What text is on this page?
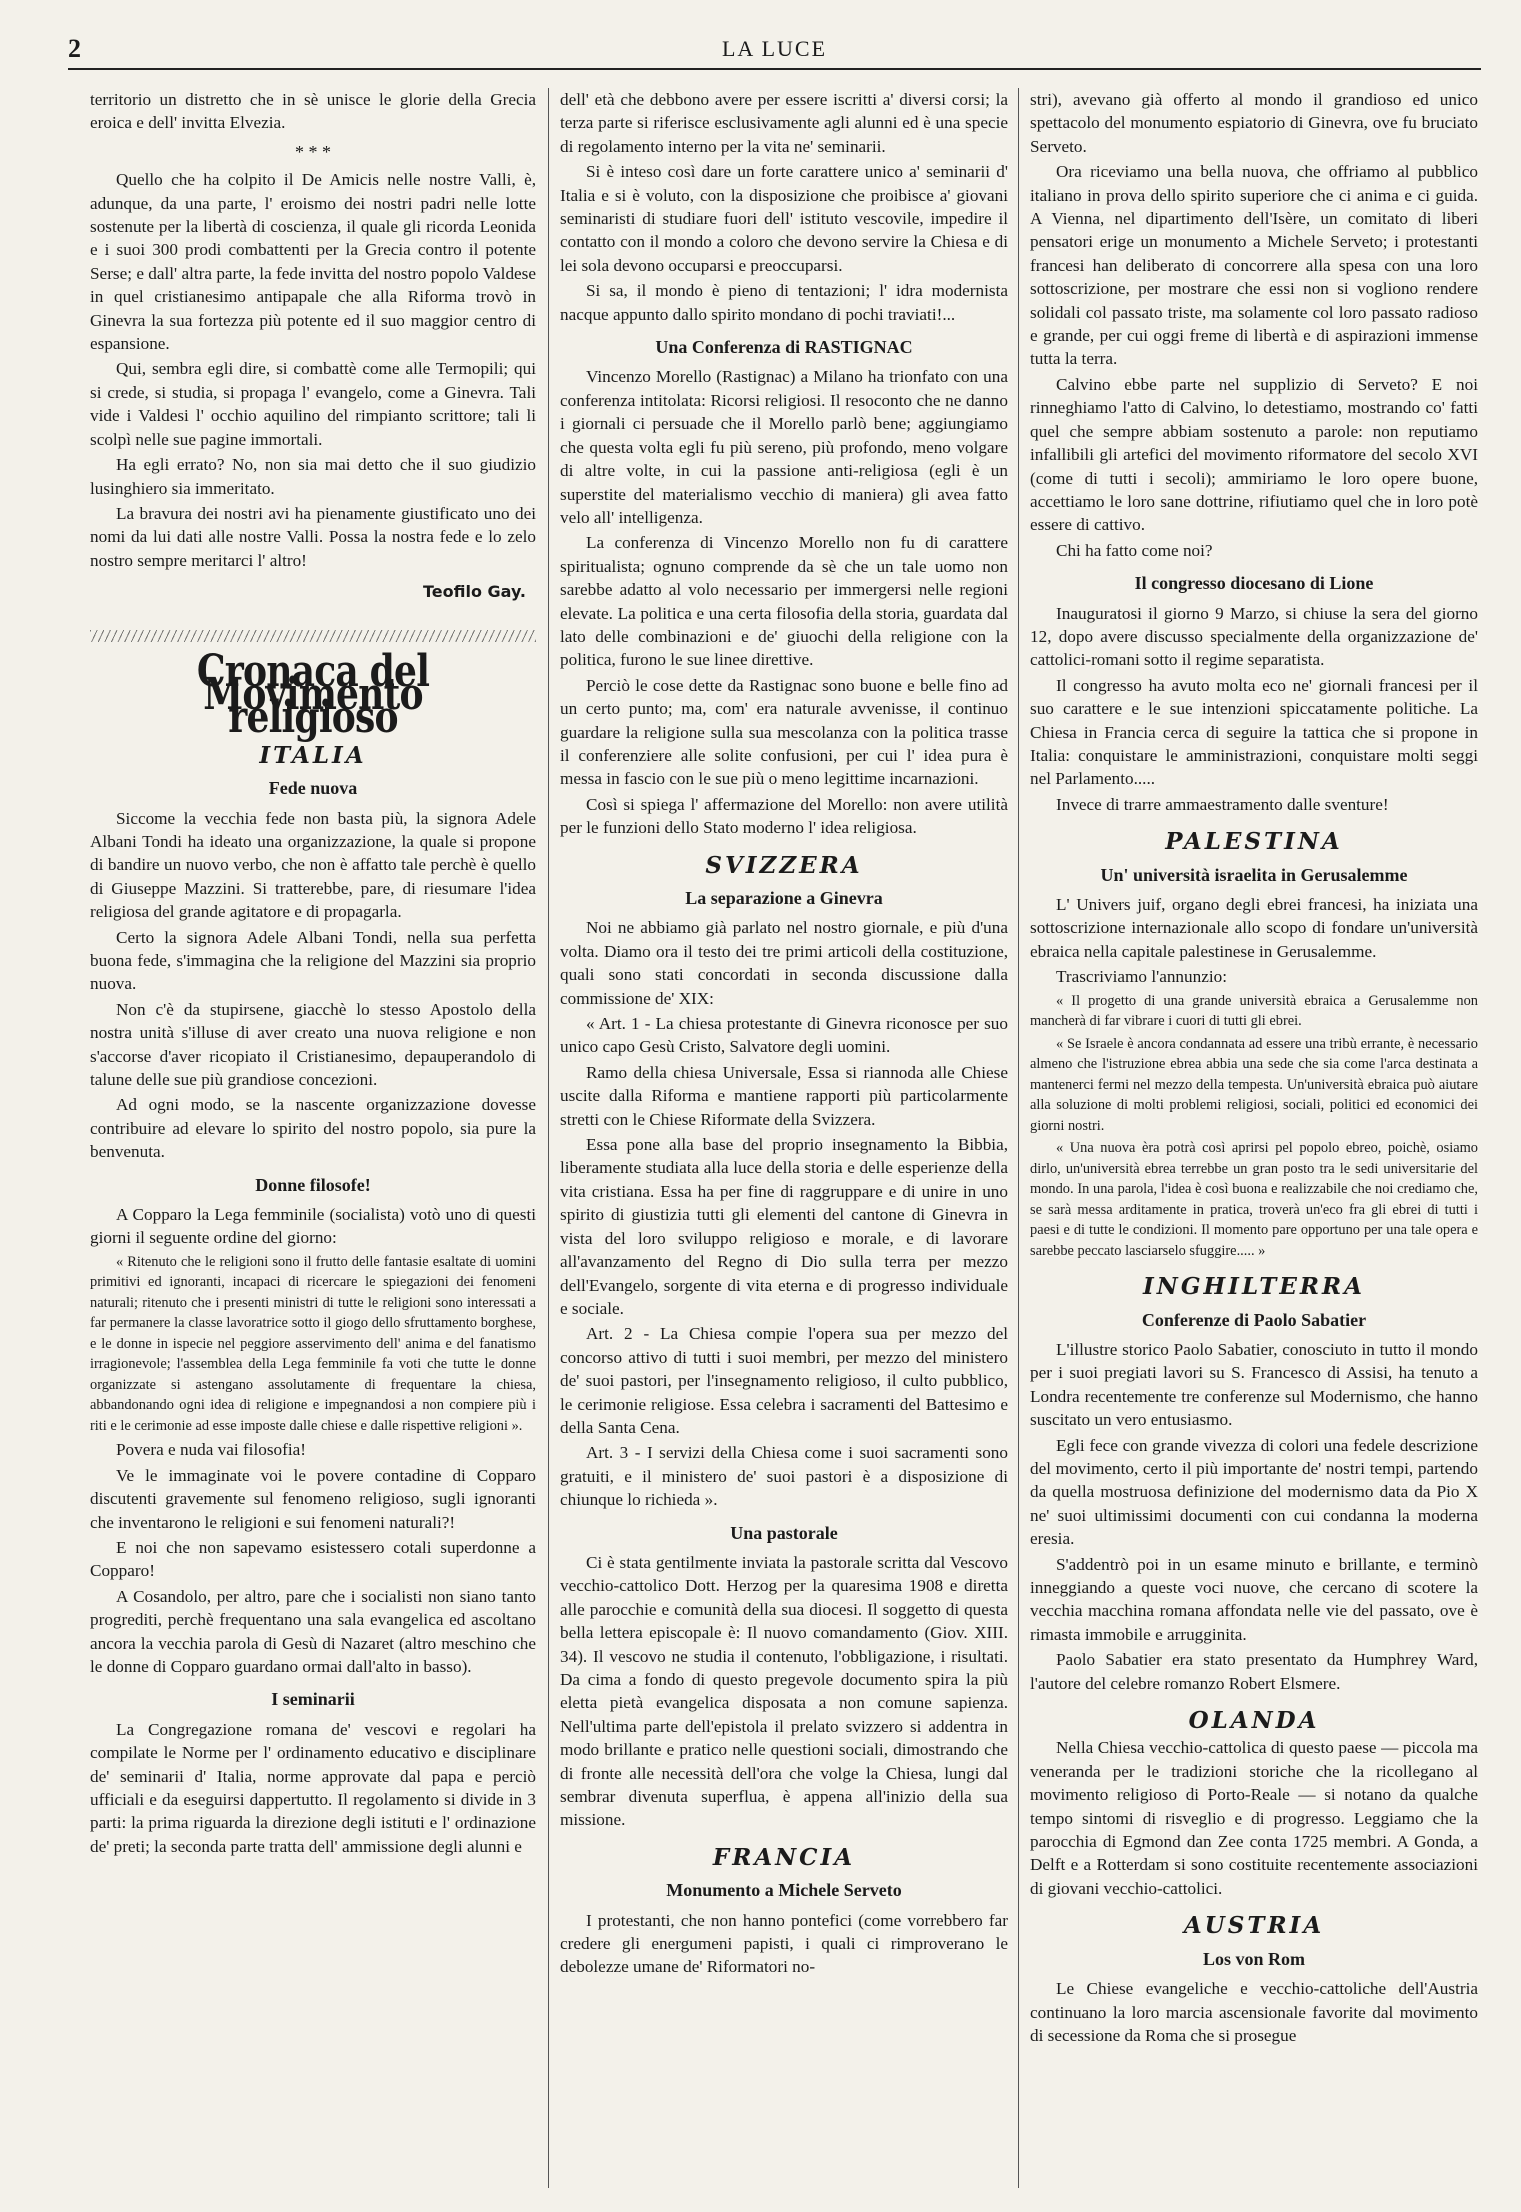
2	LA LUCE

territorio un distretto che in sè unisce le glorie della Grecia eroica e dell' invitta Elvezia.

* * *

Quello che ha colpito il De Amicis nelle nostre Valli, è, adunque, da una parte, l' eroismo dei nostri padri nelle lotte sostenute per la libertà di coscienza, il quale gli ricorda Leonida e i suoi 300 prodi combattenti per la Grecia contro il potente Serse; e dall' altra parte, la fede invitta del nostro popolo Valdese in quel cristianesimo antipapale che alla Riforma trovò in Ginevra la sua fortezza più potente ed il suo maggior centro di espansione.

Qui, sembra egli dire, si combattè come alle Termopili; qui si crede, si studia, si propaga l' evangelo, come a Ginevra. Tali vide i Valdesi l' occhio aquilino del rimpianto scrittore; tali li scolpì nelle sue pagine immortali.

Ha egli errato? No, non sia mai detto che il suo giudizio lusinghiero sia immeritato.

La bravura dei nostri avi ha pienamente giustificato uno dei nomi da lui dati alle nostre Valli. Possa la nostra fede e lo zelo nostro sempre meritarci l' altro!

Teofilo Gay.
Cronaca del Movimento religioso
ITALIA
Fede nuova

Siccome la vecchia fede non basta più, la signora Adele Albani Tondi ha ideato una organizzazione, la quale si propone di bandire un nuovo verbo, che non è affatto tale perchè è quello di Giuseppe Mazzini. Si tratterebbe, pare, di riesumare l'idea religiosa del grande agitatore e di propagarla.

Certo la signora Adele Albani Tondi, nella sua perfetta buona fede, s'immagina che la religione del Mazzini sia proprio nuova.

Non c'è da stupirsene, giacchè lo stesso Apostolo della nostra unità s'illuse di aver creato una nuova religione e non s'accorse d'aver ricopiato il Cristianesimo, depauperandolo di talune delle sue più grandiose concezioni.

Ad ogni modo, se la nascente organizzazione dovesse contribuire ad elevare lo spirito del nostro popolo, sia pure la benvenuta.

Donne filosofe!

A Copparo la Lega femminile (socialista) votò uno di questi giorni il seguente ordine del giorno:

« Ritenuto che le religioni sono il frutto delle fantasie esaltate di uomini primitivi ed ignoranti, incapaci di ricercare le spiegazioni dei fenomeni naturali; ritenuto che i presenti ministri di tutte le religioni sono interessati a far permanere la classe lavoratrice sotto il giogo dello sfruttamento borghese, e le donne in ispecie nel peggiore asservimento dell' anima e del fanatismo irragionevole; l'assemblea della Lega femminile fa voti che tutte le donne organizzate si astengano assolutamente di frequentare la chiesa, abbandonando ogni idea di religione e impegnandosi a non compiere più i riti e le cerimonie ad esse imposte dalle chiese e dalle rispettive religioni ».

Povera e nuda vai filosofia!

Ve le immaginate voi le povere contadine di Copparo discutenti gravemente sul fenomeno religioso, sugli ignoranti che inventarono le religioni e sui fenomeni naturali?!

E noi che non sapevamo esistessero cotali superdonne a Copparo!

A Cosandolo, per altro, pare che i socialisti non siano tanto progrediti, perchè frequentano una sala evangelica ed ascoltano ancora la vecchia parola di Gesù di Nazaret (altro meschino che le donne di Copparo guardano ormai dall'alto in basso).

I seminarii

La Congregazione romana de' vescovi e regolari ha compilate le Norme per l' ordinamento educativo e disciplinare de' seminarii d' Italia, norme approvate dal papa e perciò ufficiali e da eseguirsi dappertutto. Il regolamento si divide in 3 parti: la prima riguarda la direzione degli istituti e l' ordinazione de' preti; la seconda parte tratta dell' ammissione degli alunni e

dell' età che debbono avere per essere iscritti a' diversi corsi; la terza parte si riferisce esclusivamente agli alunni ed è una specie di regolamento interno per la vita ne' seminarii.

Si è inteso così dare un forte carattere unico a' seminarii d' Italia e si è voluto, con la disposizione che proibisce a' giovani seminaristi di studiare fuori dell' istituto vescovile, impedire il contatto con il mondo a coloro che devono servire la Chiesa e di lei sola devono occuparsi e preoccuparsi.

Si sa, il mondo è pieno di tentazioni; l' idra modernista nacque appunto dallo spirito mondano di pochi traviati!...

Una Conferenza di RASTIGNAC

Vincenzo Morello (Rastignac) a Milano ha trionfato con una conferenza intitolata: Ricorsi religiosi. Il resoconto che ne danno i giornali ci persuade che il Morello parlò bene; aggiungiamo che questa volta egli fu più sereno, più profondo, meno volgare di altre volte, in cui la passione anti-religiosa (egli è un superstite del materialismo vecchio di maniera) gli avea fatto velo all' intelligenza.

La conferenza di Vincenzo Morello non fu di carattere spiritualista; ognuno comprende da sè che un tale uomo non sarebbe adatto al volo necessario per immergersi nelle regioni elevate. La politica e una certa filosofia della storia, guardata dal lato delle combinazioni e de' giuochi della religione con la politica, furono le sue linee direttive.

Perciò le cose dette da Rastignac sono buone e belle fino ad un certo punto; ma, com' era naturale avvenisse, il continuo guardare la religione sulla sua mescolanza con la politica trasse il conferenziere alle solite confusioni, per cui l' idea pura è messa in fascio con le sue più o meno legittime incarnazioni.

Così si spiega l' affermazione del Morello: non avere utilità per le funzioni dello Stato moderno l' idea religiosa.

SVIZZERA
La separazione a Ginevra

Noi ne abbiamo già parlato nel nostro giornale, e più d'una volta. Diamo ora il testo dei tre primi articoli della costituzione, quali sono stati concordati in seconda discussione dalla commissione de' XIX:

« Art. 1 - La chiesa protestante di Ginevra riconosce per suo unico capo Gesù Cristo, Salvatore degli uomini.

Ramo della chiesa Universale, Essa si riannoda alle Chiese uscite dalla Riforma e mantiene rapporti più particolarmente stretti con le Chiese Riformate della Svizzera.

Essa pone alla base del proprio insegnamento la Bibbia, liberamente studiata alla luce della storia e delle esperienze della vita cristiana. Essa ha per fine di raggruppare e di unire in uno spirito di giustizia tutti gli elementi del cantone di Ginevra in vista del loro sviluppo religioso e morale, e di lavorare all'avanzamento del Regno di Dio sulla terra per mezzo dell'Evangelo, sorgente di vita eterna e di progresso individuale e sociale.

Art. 2 - La Chiesa compie l'opera sua per mezzo del concorso attivo di tutti i suoi membri, per mezzo del ministero de' suoi pastori, per l'insegnamento religioso, il culto pubblico, le cerimonie religiose. Essa celebra i sacramenti del Battesimo e della Santa Cena.

Art. 3 - I servizi della Chiesa come i suoi sacramenti sono gratuiti, e il ministero de' suoi pastori è a disposizione di chiunque lo richieda ».

Una pastorale

Ci è stata gentilmente inviata la pastorale scritta dal Vescovo vecchio-cattolico Dott. Herzog per la quaresima 1908 e diretta alle parocchie e comunità della sua diocesi. Il soggetto di questa bella lettera episcopale è: Il nuovo comandamento (Giov. XIII. 34). Il vescovo ne studia il contenuto, l'obbligazione, i risultati. Da cima a fondo di questo pregevole documento spira la più eletta pietà evangelica disposata a non comune sapienza. Nell'ultima parte dell'epistola il prelato svizzero si addentra in modo brillante e pratico nelle questioni sociali, dimostrando che di fronte alle necessità dell'ora che volge la Chiesa, lungi dal sembrar divenuta superflua, è appena all'inizio della sua missione.

FRANCIA
Monumento a Michele Serveto

I protestanti, che non hanno pontefici (come vorrebbero far credere gli energumeni papisti, i quali ci rimproverano le debolezze umane de' Riformatori no-

stri), avevano già offerto al mondo il grandioso ed unico spettacolo del monumento espiatorio di Ginevra, ove fu bruciato Serveto.

Ora riceviamo una bella nuova, che offriamo al pubblico italiano in prova dello spirito superiore che ci anima e ci guida. A Vienna, nel dipartimento dell'Isère, un comitato di liberi pensatori erige un monumento a Michele Serveto; i protestanti francesi han deliberato di concorrere alla spesa con una loro sottoscrizione, per mostrare che essi non si vogliono rendere solidali col passato triste, ma solamente col loro passato radioso e grande, per cui oggi freme di libertà e di aspirazioni immense tutta la terra.

Calvino ebbe parte nel supplizio di Serveto? E noi rinneghiamo l'atto di Calvino, lo detestiamo, mostrando co' fatti quel che sempre abbiam sostenuto a parole: non reputiamo infallibili gli artefici del movimento riformatore del secolo XVI (come di tutti i secoli); ammiriamo le loro opere buone, accettiamo le loro sane dottrine, rifiutiamo quel che in loro potè essere di cattivo.

Chi ha fatto come noi?

Il congresso diocesano di Lione

Inauguratosi il giorno 9 Marzo, si chiuse la sera del giorno 12, dopo avere discusso specialmente della organizzazione de' cattolici-romani sotto il regime separatista.

Il congresso ha avuto molta eco ne' giornali francesi per il suo carattere e le sue intenzioni spiccatamente politiche. La Chiesa in Francia cerca di seguire la tattica che si propone in Italia: conquistare le amministrazioni, conquistare molti seggi nel Parlamento.....

Invece di trarre ammaestramento dalle sventure!

PALESTINA
Un' università israelita in Gerusalemme

L' Univers juif, organo degli ebrei francesi, ha iniziata una sottoscrizione internazionale allo scopo di fondare un'università ebraica nella capitale palestinese in Gerusalemme.

Trascriviamo l'annunzio:

« Il progetto di una grande università ebraica a Gerusalemme non mancherà di far vibrare i cuori di tutti gli ebrei.

« Se Israele è ancora condannata ad essere una tribù errante, è necessario almeno che l'istruzione ebrea abbia una sede che sia come l'arca destinata a mantenerci fermi nel mezzo della tempesta. Un'università ebraica può aiutare alla soluzione di molti problemi religiosi, sociali, politici ed economici dei giorni nostri.

« Una nuova èra potrà così aprirsi pel popolo ebreo, poichè, osiamo dirlo, un'università ebrea terrebbe un gran posto tra le sedi universitarie del mondo. In una parola, l'idea è così buona e realizzabile che noi crediamo che, se sarà messa arditamente in pratica, troverà un'eco fra gli ebrei di tutti i paesi e di tutte le condizioni. Il momento pare opportuno per una tale opera e sarebbe peccato lasciarselo sfuggire..... »

INGHILTERRA
Conferenze di Paolo Sabatier

L'illustre storico Paolo Sabatier, conosciuto in tutto il mondo per i suoi pregiati lavori su S. Francesco di Assisi, ha tenuto a Londra recentemente tre conferenze sul Modernismo, che hanno suscitato un vero entusiasmo.

Egli fece con grande vivezza di colori una fedele descrizione del movimento, certo il più importante de' nostri tempi, partendo da quella mostruosa definizione del modernismo data da Pio X ne' suoi ultimissimi documenti con cui condanna la moderna eresia.

S'addentrò poi in un esame minuto e brillante, e terminò inneggiando a queste voci nuove, che cercano di scotere la vecchia macchina romana affondata nelle vie del passato, ove è rimasta immobile e arrugginita.

Paolo Sabatier era stato presentato da Humphrey Ward, l'autore del celebre romanzo Robert Elsmere.

OLANDA

Nella Chiesa vecchio-cattolica di questo paese — piccola ma veneranda per le tradizioni storiche che la ricollegano al movimento religioso di Porto-Reale — si notano da qualche tempo sintomi di risveglio e di progresso. Leggiamo che la parocchia di Egmond dan Zee conta 1725 membri. A Gonda, a Delft e a Rotterdam si sono costituite recentemente associazioni di giovani vecchio-cattolici.

AUSTRIA
Los von Rom

Le Chiese evangeliche e vecchio-cattoliche dell'Austria continuano la loro marcia ascensionale favorite dal movimento di secessione da Roma che si prosegue
